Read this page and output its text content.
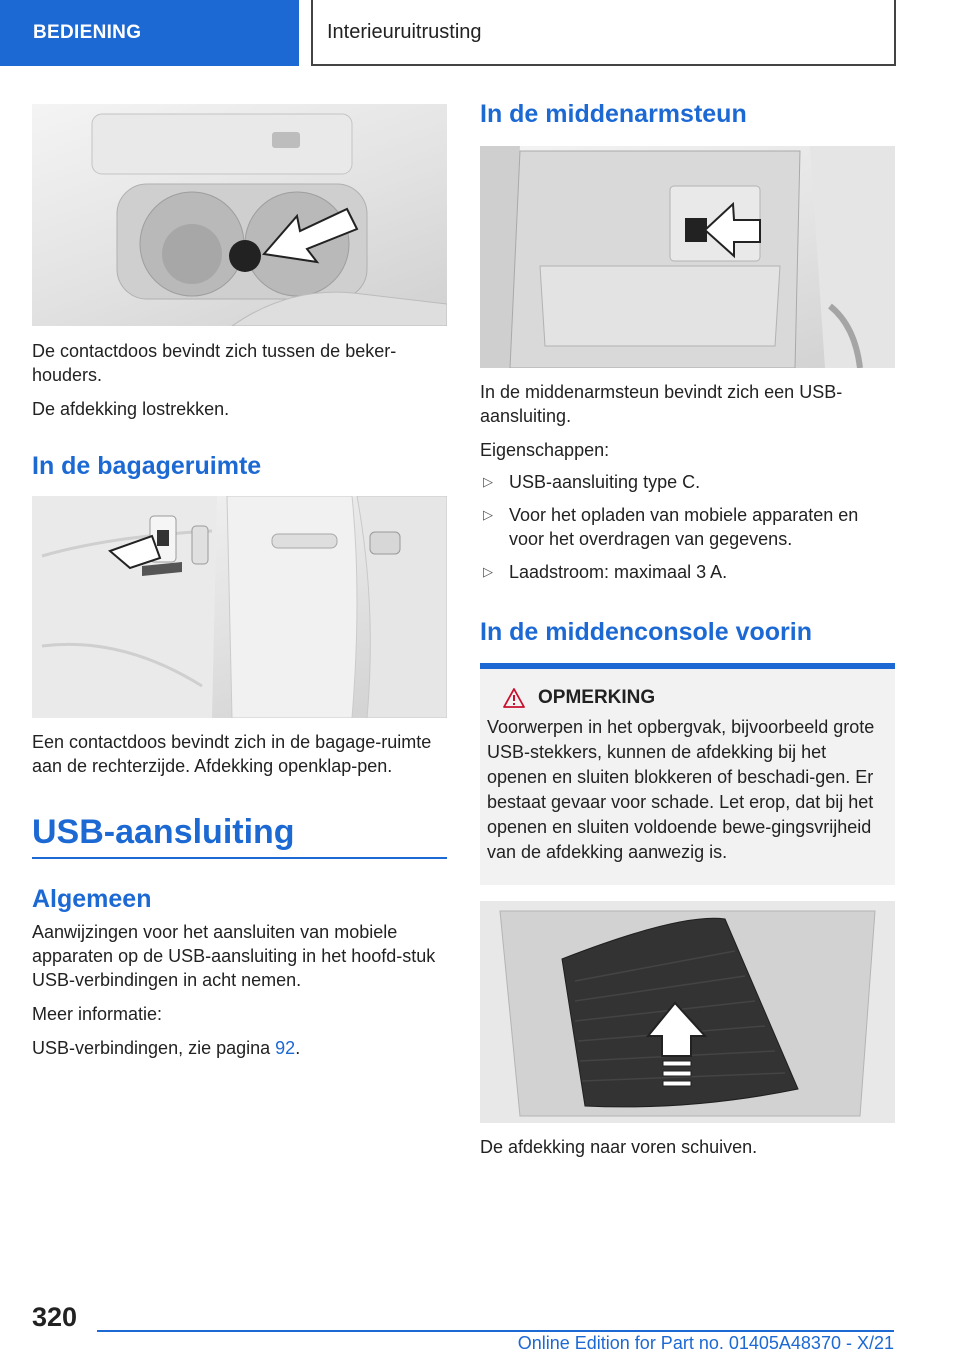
BEDIENING	Interieuruitrusting

De contactdoos bevindt zich tussen de beker-houders.

De afdekking lostrekken.

In de bagageruimte

Een contactdoos bevindt zich in de bagage-ruimte aan de rechterzijde. Afdekking openklap-pen.

USB-aansluiting
Algemeen

Aanwijzingen voor het aansluiten van mobiele apparaten op de USB-aansluiting in het hoofd-stuk USB-verbindingen in acht nemen.

Meer informatie:

USB-verbindingen, zie pagina 92.

In de middenarmsteun

In de middenarmsteun bevindt zich een USB-aansluiting.

Eigenschappen:

▷ USB-aansluiting type C.
▷ Voor het opladen van mobiele apparaten en voor het overdragen van gegevens.
▷ Laadstroom: maximaal 3 A.
In de middenconsole voorin
OPMERKING

Voorwerpen in het opbergvak, bijvoorbeeld grote USB-stekkers, kunnen de afdekking bij het openen en sluiten blokkeren of beschadi-gen. Er bestaat gevaar voor schade. Let erop, dat bij het openen en sluiten voldoende bewe-gingsvrijheid van de afdekking aanwezig is.

De afdekking naar voren schuiven.

320
Online Edition for Part no. 01405A48370 - X/21
